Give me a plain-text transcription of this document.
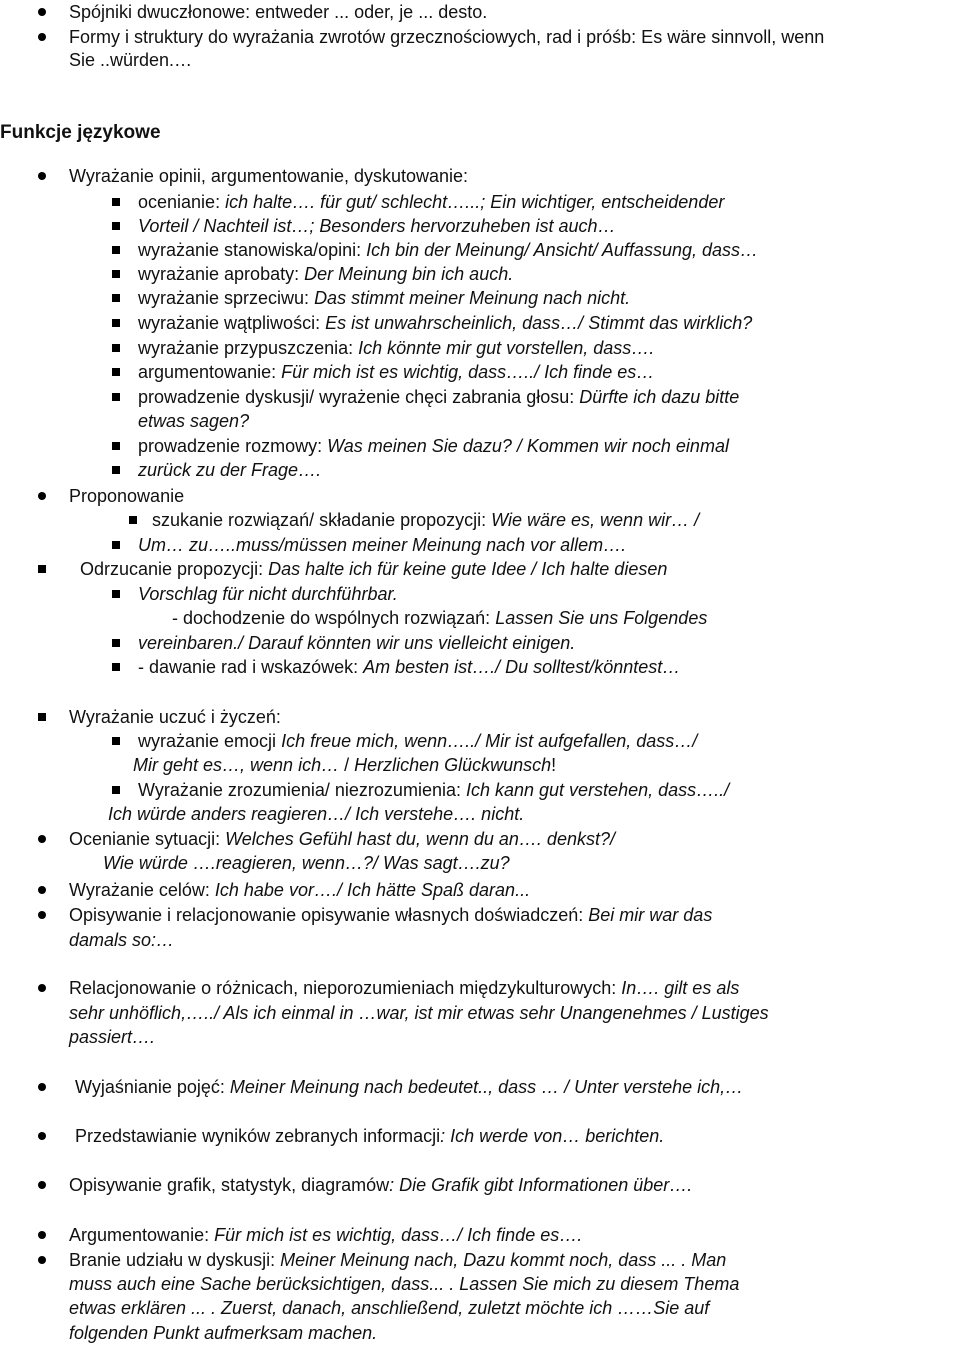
Spójniki dwuczłonowe: entweder ... oder, je ... desto.
Formy i struktury do wyrażania zwrotów grzecznościowych, rad i próśb: Es wäre sinnvoll, wenn
Sie ..würden.…
Funkcje językowe
Wyrażanie opinii, argumentowanie, dyskutowanie:
ocenianie: ich halte…. für gut/ schlecht…...; Ein wichtiger, entscheidender
Vorteil / Nachteil ist…; Besonders hervorzuheben ist auch…
wyrażanie stanowiska/opini: Ich bin der Meinung/ Ansicht/ Auffassung, dass…
wyrażanie aprobaty: Der Meinung bin ich auch.
wyrażanie sprzeciwu: Das stimmt meiner Meinung nach nicht.
wyrażanie wątpliwości: Es ist unwahrscheinlich, dass…/ Stimmt das wirklich?
wyrażanie przypuszczenia: Ich könnte mir gut vorstellen, dass….
argumentowanie: Für mich ist es wichtig, dass…../ Ich finde es…
prowadzenie dyskusji/ wyrażenie chęci zabrania głosu: Dürfte ich dazu bitte
etwas sagen?
prowadzenie rozmowy: Was meinen Sie dazu? / Kommen wir noch einmal
zurück zu der Frage….
Proponowanie
szukanie rozwiązań/ składanie propozycji: Wie wäre es, wenn wir… /
Um… zu…..muss/müssen meiner Meinung nach vor allem….
Odrzucanie propozycji: Das halte ich für keine gute Idee / Ich halte diesen
Vorschlag für nicht durchführbar.
- dochodzenie do wspólnych rozwiązań: Lassen Sie uns Folgendes
vereinbaren./ Darauf könnten wir uns vielleicht einigen.
- dawanie rad i wskazówek: Am besten ist…./ Du solltest/könntest…
Wyrażanie uczuć i życzeń:
wyrażanie emocji Ich freue mich, wenn…../ Mir ist aufgefallen, dass…/
Mir geht es…, wenn ich… / Herzlichen Glückwunsch!
Wyrażanie zrozumienia/ niezrozumienia: Ich kann gut verstehen, dass…../
Ich würde anders reagieren…/ Ich verstehe…. nicht.
Ocenianie sytuacji: Welches Gefühl hast du, wenn du an…. denkst?/
Wie würde ….reagieren, wenn…?/ Was sagt….zu?
Wyrażanie celów: Ich habe vor…./ Ich hätte Spaß daran...
Opisywanie i relacjonowanie opisywanie własnych doświadczeń: Bei mir war das
damals so:…
Relacjonowanie o różnicach, nieporozumieniach międzykulturowych: In…. gilt es als
sehr unhöflich,…../ Als ich einmal in …war, ist mir etwas sehr Unangenehmes / Lustiges
passiert….
Wyjaśnianie pojęć: Meiner Meinung nach bedeutet.., dass … / Unter verstehe ich,…
Przedstawianie wyników zebranych informacji: Ich werde von… berichten.
Opisywanie grafik, statystyk, diagramów: Die Grafik gibt Informationen über….
Argumentowanie: Für mich ist es wichtig, dass…/ Ich finde es….
Branie udziału w dyskusji: Meiner Meinung nach, Dazu kommt noch, dass ... . Man
muss auch eine Sache berücksichtigen, dass... . Lassen Sie mich zu diesem Thema
etwas erklären ... . Zuerst, danach, anschließend, zuletzt möchte ich ……Sie auf
folgenden Punkt aufmerksam machen.
